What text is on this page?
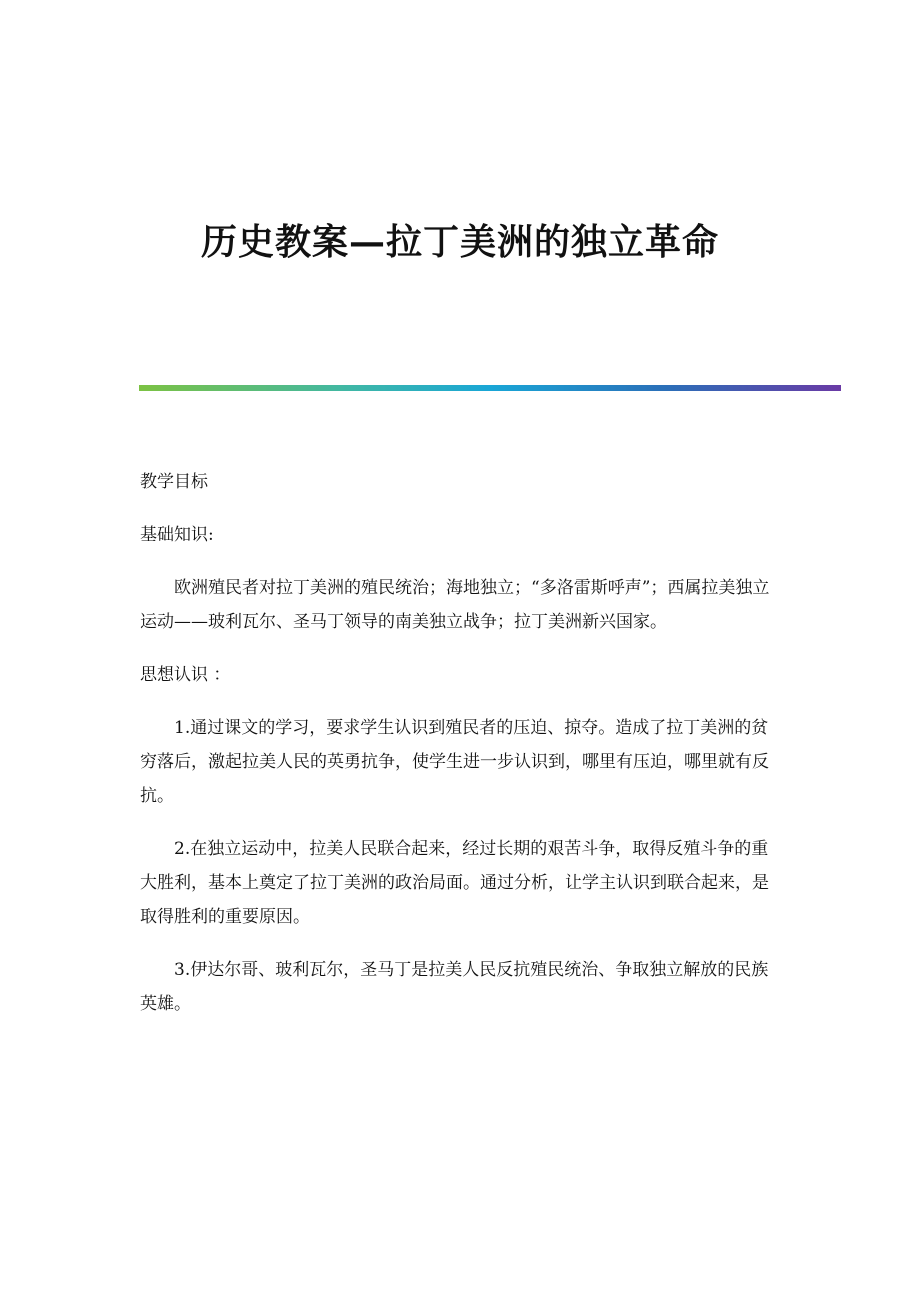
历史教案—拉丁美洲的独立革命

教学目标

基础知识:

欧洲殖民者对拉丁美洲的殖民统治；海地独立；“多洛雷斯呼声”；西属拉美独立运动——玻利瓦尔、圣马丁领导的南美独立战争；拉丁美洲新兴国家。

思想认识 ：

1.通过课文的学习，要求学生认识到殖民者的压迫、掠夺。造成了拉丁美洲的贫穷落后，激起拉美人民的英勇抗争，使学生进一步认识到，哪里有压迫，哪里就有反抗。

2.在独立运动中，拉美人民联合起来，经过长期的艰苦斗争，取得反殖斗争的重大胜利，基本上奠定了拉丁美洲的政治局面。通过分析，让学主认识到联合起来，是取得胜利的重要原因。

3.伊达尔哥、玻利瓦尔，圣马丁是拉美人民反抗殖民统治、争取独立解放的民族英雄。
